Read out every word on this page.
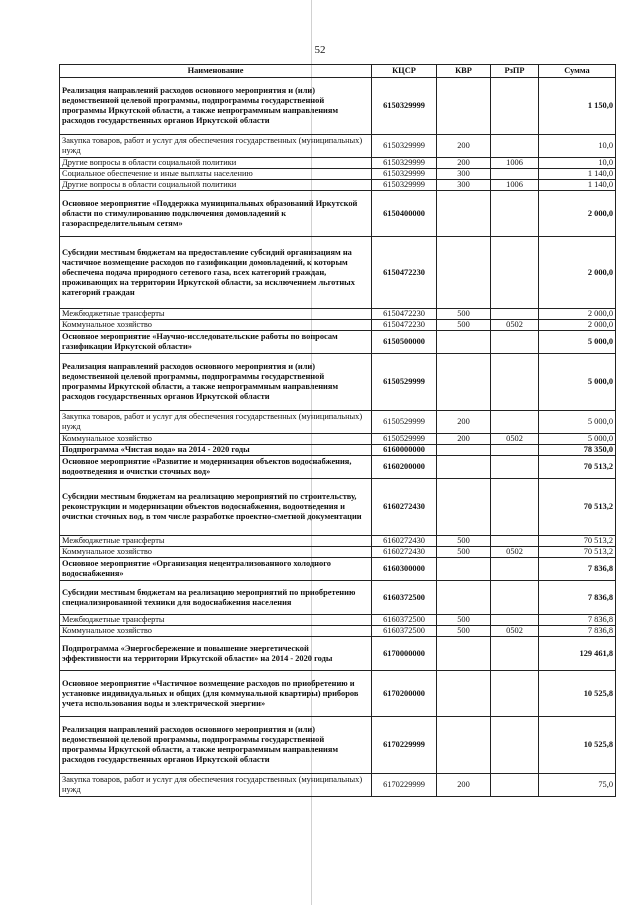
52
Наименование	КЦСР	КВР	РзПР	Сумма
Реализация направлений расходов основного мероприятия и (или) ведомственной целевой программы, подпрограммы государственной программы Иркутской области, а также непрограммным направлениям расходов государственных органов Иркутской области	6150329999			1 150,0
Закупка товаров, работ и услуг для обеспечения государственных (муниципальных) нужд	6150329999	200		10,0
Другие вопросы в области социальной политики	6150329999	200	1006	10,0
Социальное обеспечение и иные выплаты населению	6150329999	300		1 140,0
Другие вопросы в области социальной политики	6150329999	300	1006	1 140,0
Основное мероприятие «Поддержка муниципальных образований Иркутской области по стимулированию подключения домовладений к газораспределительным сетям»	6150400000			2 000,0
Субсидии местным бюджетам на предоставление субсидий организациям на частичное возмещение расходов по газификации домовладений, к которым обеспечена подача природного сетевого газа, всех категорий граждан, проживающих на территории Иркутской области, за исключением льготных категорий граждан	6150472230			2 000,0
Межбюджетные трансферты	6150472230	500		2 000,0
Коммунальное хозяйство	6150472230	500	0502	2 000,0
Основное мероприятие «Научно-исследовательские работы по вопросам газификации Иркутской области»	6150500000			5 000,0
Реализация направлений расходов основного мероприятия и (или) ведомственной целевой программы, подпрограммы государственной программы Иркутской области, а также непрограммным направлениям расходов государственных органов Иркутской области	6150529999			5 000,0
Закупка товаров, работ и услуг для обеспечения государственных (муниципальных) нужд	6150529999	200		5 000,0
Коммунальное хозяйство	6150529999	200	0502	5 000,0
Подпрограмма «Чистая вода» на 2014 - 2020 годы	6160000000			78 350,0
Основное мероприятие «Развитие и модернизация объектов водоснабжения, водоотведения и очистки сточных вод»	6160200000			70 513,2
Субсидии местным бюджетам на реализацию мероприятий по строительству, реконструкции и модернизации объектов водоснабжения, водоотведения и очистки сточных вод, в том числе разработке проектно-сметной документации	6160272430			70 513,2
Межбюджетные трансферты	6160272430	500		70 513,2
Коммунальное хозяйство	6160272430	500	0502	70 513,2
Основное мероприятие «Организация нецентрализованного холодного водоснабжения»	6160300000			7 836,8
Субсидии местным бюджетам на реализацию мероприятий по приобретению специализированной техники для водоснабжения населения	6160372500			7 836,8
Межбюджетные трансферты	6160372500	500		7 836,8
Коммунальное хозяйство	6160372500	500	0502	7 836,8
Подпрограмма «Энергосбережение и повышение энергетической эффективности на территории Иркутской области» на 2014 - 2020 годы	6170000000			129 461,8
Основное мероприятие «Частичное возмещение расходов по приобретению и установке индивидуальных и общих (для коммунальной квартиры) приборов учета использования воды и электрической энергии»	6170200000			10 525,8
Реализация направлений расходов основного мероприятия и (или) ведомственной целевой программы, подпрограммы государственной программы Иркутской области, а также непрограммным направлениям расходов государственных органов Иркутской области	6170229999			10 525,8
Закупка товаров, работ и услуг для обеспечения государственных (муниципальных) нужд	6170229999	200		75,0
